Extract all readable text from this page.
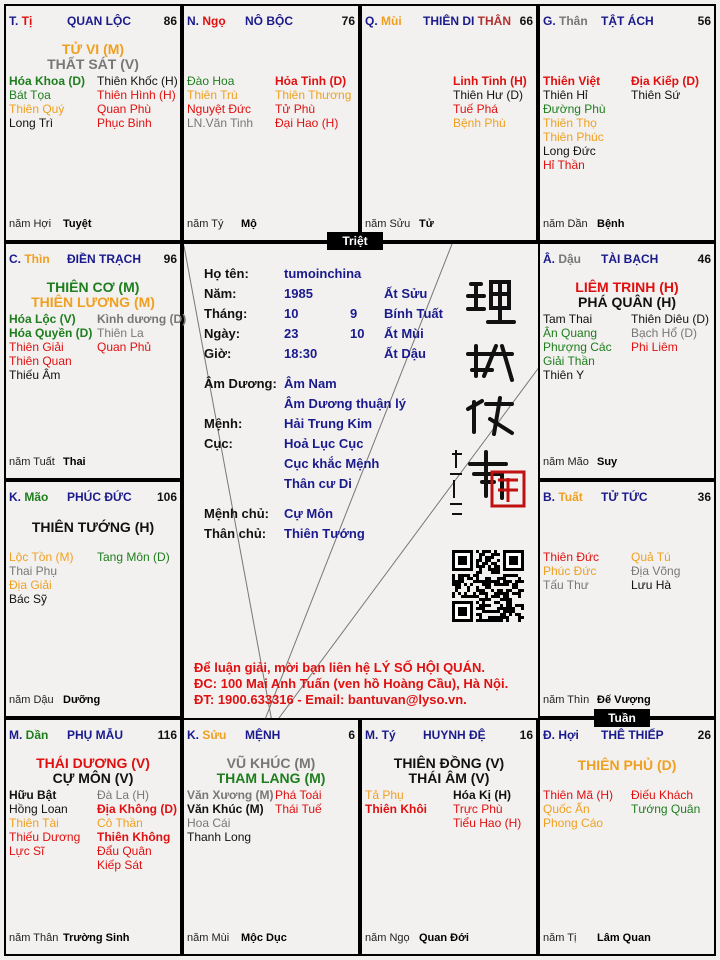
Họ tên:	tumoinchina
Năm:	1985	Ất Sửu
Tháng:	10	9 Bính Tuất
Ngày:	23	10 Ất Mùi
Giờ:	18:30	Ất Dậu
Âm Dương: Âm Nam
Âm Dương thuận lý
Mệnh:	Hải Trung Kim
Cục:	Hoả Lục Cục
Cục khắc Mệnh
Thân cư Di
Mệnh chủ: Cự Môn
Thân chủ: Thiên Tướng
Để luận giải, mời bạn liên hệ LÝ SỐ HỘI QUÁN.
ĐC: 100 Mai Anh Tuấn (ven hồ Hoàng Cầu), Hà Nội.
ĐT: 1900.633316 - Email: bantuvan@lyso.vn.
T. Tị	QUAN LỘC	86
TỬ VI (M)
THẤT SÁT (V)
Hóa Khoa (D)
Bát Tọa
Thiên Quý
Long Trì
Thiên Khốc (H)
Thiên Hình (H)
Quan Phù
Phục Binh
năm Hợi Tuyệt
N. Ngọ NÔ BỘC	76
Đào Hoa
Thiên Trù
Nguyệt Đức
LN.Văn Tinh
Hỏa Tinh (D)
Thiên Thương
Tử Phù
Đại Hao (H)
năm Tý Mộ
Q. Mùi THIÊN DI THÂN 66
Linh Tinh (H)
Thiên Hư (D)
Tuế Phá
Bệnh Phù
năm Sửu Tử
G. Thân TẬT ÁCH	56
Thiên Việt
Thiên Hỉ
Đường Phù
Thiên Thọ
Thiên Phúc
Long Đức
Hỉ Thần
Địa Kiếp (D)
Thiên Sứ
năm Dần Bệnh
C. Thìn ĐIỀN TRẠCH 96
THIÊN CƠ (M)
THIÊN LƯƠNG (M)
Hóa Lộc (V)
Hóa Quyền (D)
Thiên Giải
Thiên Quan
Thiếu Âm
Kình dương (D)
Thiên La
Quan Phủ
năm Tuất Thai
Â. Dậu TÀI BẠCH	46
LIÊM TRINH (H)
PHÁ QUÂN (H)
Tam Thai
Ân Quang
Phượng Các
Giải Thần
Thiên Y
Thiên Diêu (D)
Bạch Hổ (D)
Phi Liêm
năm Mão Suy
K. Mão PHÚC ĐỨC 106
THIÊN TƯỚNG (H)
Lộc Tồn (M)
Thai Phụ
Địa Giải
Bác Sỹ
Tang Môn (D)
năm Dậu Dưỡng
B. Tuất TỬ TỨC	36
Thiên Đức
Phúc Đức
Tấu Thư
Quả Tú
Địa Võng
Lưu Hà
năm Thìn Đế Vượng
M. Dần PHỤ MẪU	116
THÁI DƯƠNG (V)
CỰ MÔN (V)
Hữu Bật
Hồng Loan
Thiên Tài
Thiếu Dương
Lực Sĩ
Đà La (H)
Địa Không (D)
Cô Thần
Thiên Không
Đẩu Quân
Kiếp Sát
năm Thân Trường Sinh
K. Sửu MỆNH	6
VŨ KHÚC (M)
THAM LANG (M)
Văn Xương (M)
Văn Khúc (M)
Hoa Cái
Thanh Long
Phá Toái
Thái Tuế
năm Mùi Mộc Dục
M. Tý HUYNH ĐỆ	16
THIÊN ĐỒNG (V)
THÁI ÂM (V)
Tả Phụ
Thiên Khôi
Hóa Kị (H)
Trực Phù
Tiểu Hao (H)
năm Ngọ Quan Đới
Đ. Hợi THÊ THIẾP	26
THIÊN PHỦ (D)
Thiên Mã (H)
Quốc Ấn
Phong Cáo
Điếu Khách
Tướng Quân
năm Tị Lâm Quan
Triệt
Tuần
